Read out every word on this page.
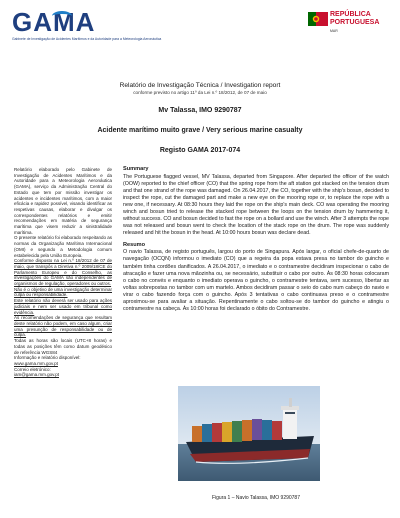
GAMA
Gabinete de Investigação de Acidentes Marítimos e da Autoridade para a Meteorologia Aeronáutica
REPÚBLICA
PORTUGUESA
MAR
Relatório de Investigação Técnica / Investigation report
conforme previsto no artigo 11º da Lei n.º 18/2012, de 07 de maio
Mv Talassa, IMO 9290787
Acidente marítimo muito grave / Very serious marine casualty
Registo GAMA 2017-074

Relatório elaborado pelo Gabinete de Investigação de Acidentes Marítimos e da Autoridade para a Meteorologia Aeronáutica (GAMA), serviço da Administração Central do Estado que tem por missão investigar os acidentes e incidentes marítimos, com a maior eficácia e rapidez possível, visando identificar as respetivas causas, elaborar e divulgar os correspondentes relatórios e emitir recomendações em matéria de segurança marítima que visem reduzir a sinistralidade marítima.

O presente relatório foi elaborado respeitando as normas da Organização Marítima Internacional (OMI) e segundo a Metodologia comum estabelecida pela União Europeia.

Conforme disposto na Lei n.º 18/2012 de 07 de maio, que transpôs a Diretiva n.º 2009/18/CE do Parlamento Europeu e do Conselho, as investigações do GAMA são independentes de organismos de regulação, operadores ou outros.

Não é o objetivo de uma investigação determinar culpa ou responsabilidade.

Este relatório não deverá ser usado para ações judiciais e nem ser usado em tribunal como evidência.

As recomendações de segurança que resultam deste relatório não podem, em caso algum, criar uma presunção de responsabilidade ou de culpa.

Todas as horas são locais (UTC+8 horas) e todas as posições têm como datum geodésico de referência WGS84

Informação e relatório disponível:

www.gama.mm.gov.pt

Correio eletrónico:

iam@gama.mm.gov.pt

Summary

The Portuguese flagged vessel, MV Talassa, departed from Singapore. After departed the officer of the watch (OOW) reported to the chief officer (CO) that the spring rope from the aft station got stacked on the tension drum and that one strand of the rope was damaged. On 26.04.2017, the CO, together with the ship's bosun, decided to inspect the rope, cut the damaged part and make a new eye on the mooring rope or, to replace the rope with a new one, if necessary. At 08:30 hours they laid the rope on the ship's main deck. CO was operating the mooring winch and bosun tried to release the stacked rope between the loops on the tension drum by hammering it, without success. CO and bosun decided to fast the rope on a bollard and use the winch. After 3 attempts the rope was not released and bosun went to check the location of the stack rope on the drum. The rope was suddenly released and hit the bosun in the head. At 10:00 hours bosun was declare dead.

Resumo

O navio Talassa, de registo português, largou do porto de Singapura. Após largar, o oficial chefe-de-quarto de navegação (OCQN) informou o imediato (CO) que a regeira da popa estava presa no tambor do guincho e também tinha cordões danificados. A 26.04.2017, o imediato e o contramestre decidiram inspecionar o cabo de atracação e fazer uma nova mãozinha ou, se necessário, substituir o cabo por outro. Às 08:30 horas colocaram o cabo no convés e enquanto o imediato operava o guincho, o contramestre tentava, sem sucesso, libertar as voltas sobrepostas no tambor com um martelo. Ambos decidiram passar o seio do cabo num cabeço do navio e virar o cabo fazendo força com o guincho. Após 3 tentativas o cabo continuava preso e o contramestre aproximou-se para avaliar a situação. Repentinamente o cabo soltou-se do tambor do guincho e atingiu o contramestre na cabeça. Às 10:00 horas foi declarado o óbito do Contramestre.

Figura 1 – Navio Talassa, IMO 9290787
